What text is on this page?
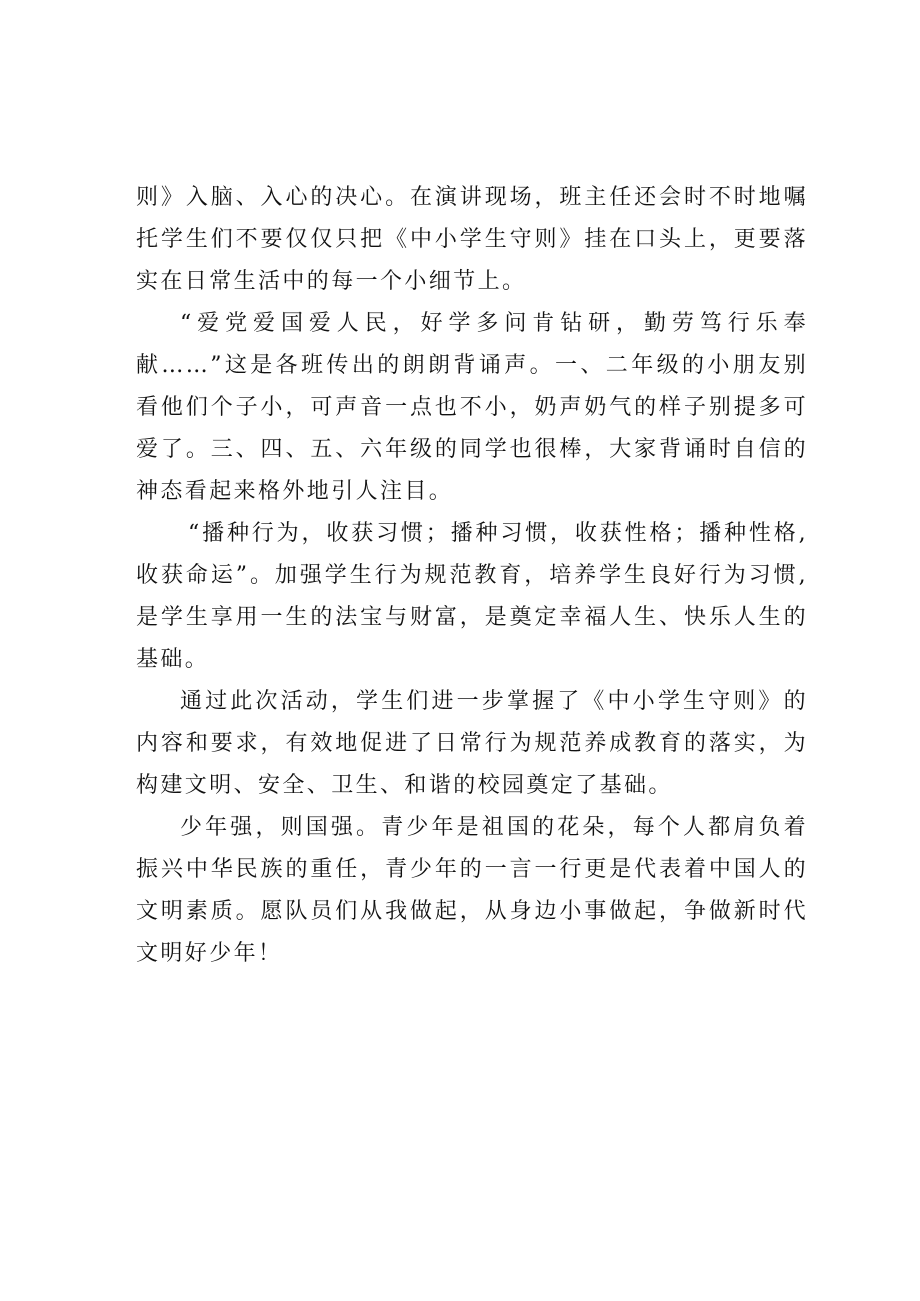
则》入脑、入心的决心。在演讲现场，班主任还会时不时地嘱托学生们不要仅仅只把《中小学生守则》挂在口头上，更要落实在日常生活中的每一个小细节上。

“爱党爱国爱人民，好学多问肯钻研，勤劳笃行乐奉献……”这是各班传出的朗朗背诵声。一、二年级的小朋友别看他们个子小，可声音一点也不小，奶声奶气的样子别提多可爱了。三、四、五、六年级的同学也很棒，大家背诵时自信的神态看起来格外地引人注目。

“播种行为，收获习惯；播种习惯，收获性格；播种性格,收获命运”。加强学生行为规范教育，培养学生良好行为习惯,是学生享用一生的法宝与财富，是奠定幸福人生、快乐人生的基础。

通过此次活动，学生们进一步掌握了《中小学生守则》的内容和要求，有效地促进了日常行为规范养成教育的落实，为构建文明、安全、卫生、和谐的校园奠定了基础。

少年强，则国强。青少年是祖国的花朵，每个人都肩负着振兴中华民族的重任，青少年的一言一行更是代表着中国人的文明素质。愿队员们从我做起，从身边小事做起，争做新时代文明好少年！
